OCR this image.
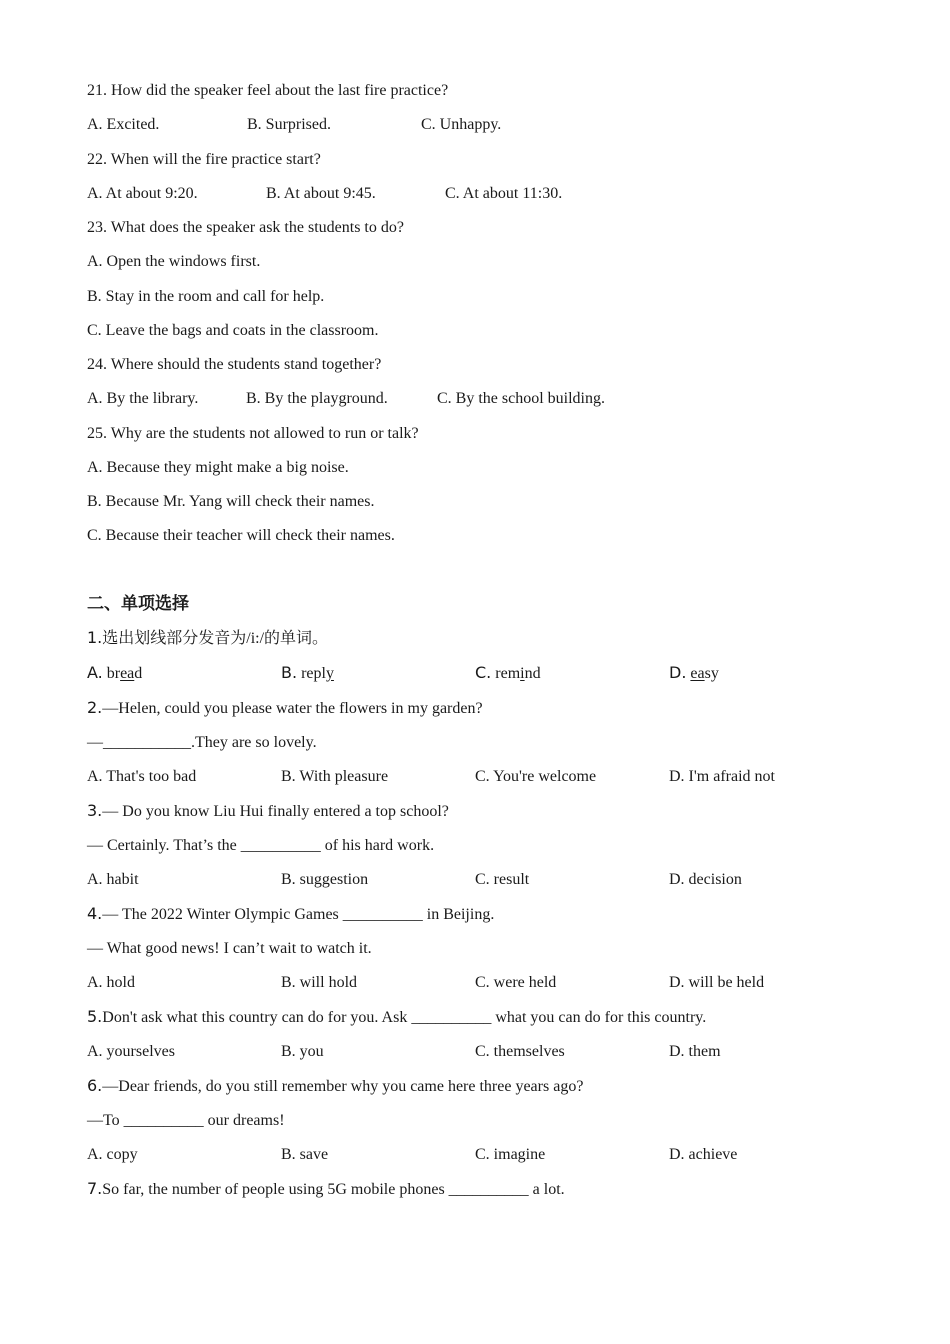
21. How did the speaker feel about the last fire practice?
A. Excited.	B. Surprised.	C. Unhappy.
22. When will the fire practice start?
A. At about 9:20.	B. At about 9:45.	C. At about 11:30.
23. What does the speaker ask the students to do?
A. Open the windows first.
B. Stay in the room and call for help.
C. Leave the bags and coats in the classroom.
24. Where should the students stand together?
A. By the library.	B. By the playground.	C. By the school building.
25. Why are the students not allowed to run or talk?
A. Because they might make a big noise.
B. Because Mr. Yang will check their names.
C. Because their teacher will check their names.
二、单项选择
1.选出划线部分发音为/i:/的单词。
A. bread	B. reply	C. remind	D. easy
2.—Helen, could you please water the flowers in my garden?
—___________.They are so lovely.
A. That's too bad	B. With pleasure	C. You're welcome	D. I'm afraid not
3.— Do you know Liu Hui finally entered a top school?
— Certainly. That’s the __________ of his hard work.
A. habit	B. suggestion	C. result	D. decision
4.— The 2022 Winter Olympic Games __________ in Beijing.
— What good news! I can’t wait to watch it.
A. hold	B. will hold	C. were held	D. will be held
5.Don't ask what this country can do for you. Ask __________ what you can do for this country.
A. yourselves	B. you	C. themselves	D. them
6.—Dear friends, do you still remember why you came here three years ago?
—To __________ our dreams!
A. copy	B. save	C. imagine	D. achieve
7.So far, the number of people using 5G mobile phones __________ a lot.
